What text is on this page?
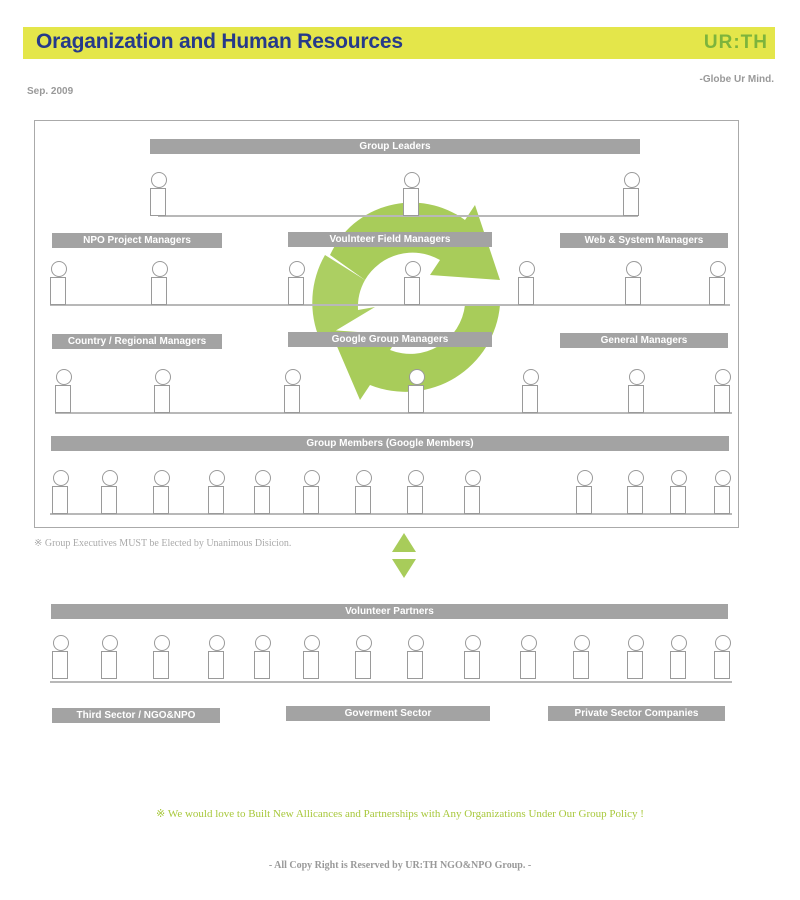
Oraganization and Human Resources	UR:TH
-Globe Ur Mind.
Sep. 2009
Group Leaders
NPO Project Managers	Voulnteer Field Managers	Web & System Managers
Country / Regional Managers	Google Group Managers	General Managers
Group Members (Google Members)
※ Group Executives MUST be Elected by Unanimous Disicion.
Volunteer Partners
Third Sector / NGO&NPO	Goverment Sector	Private Sector Companies
※ We would love to Built New Allicances and Partnerships with Any Organizations Under Our Group Policy !
- All Copy Right is Reserved by UR:TH NGO&NPO Group. -
